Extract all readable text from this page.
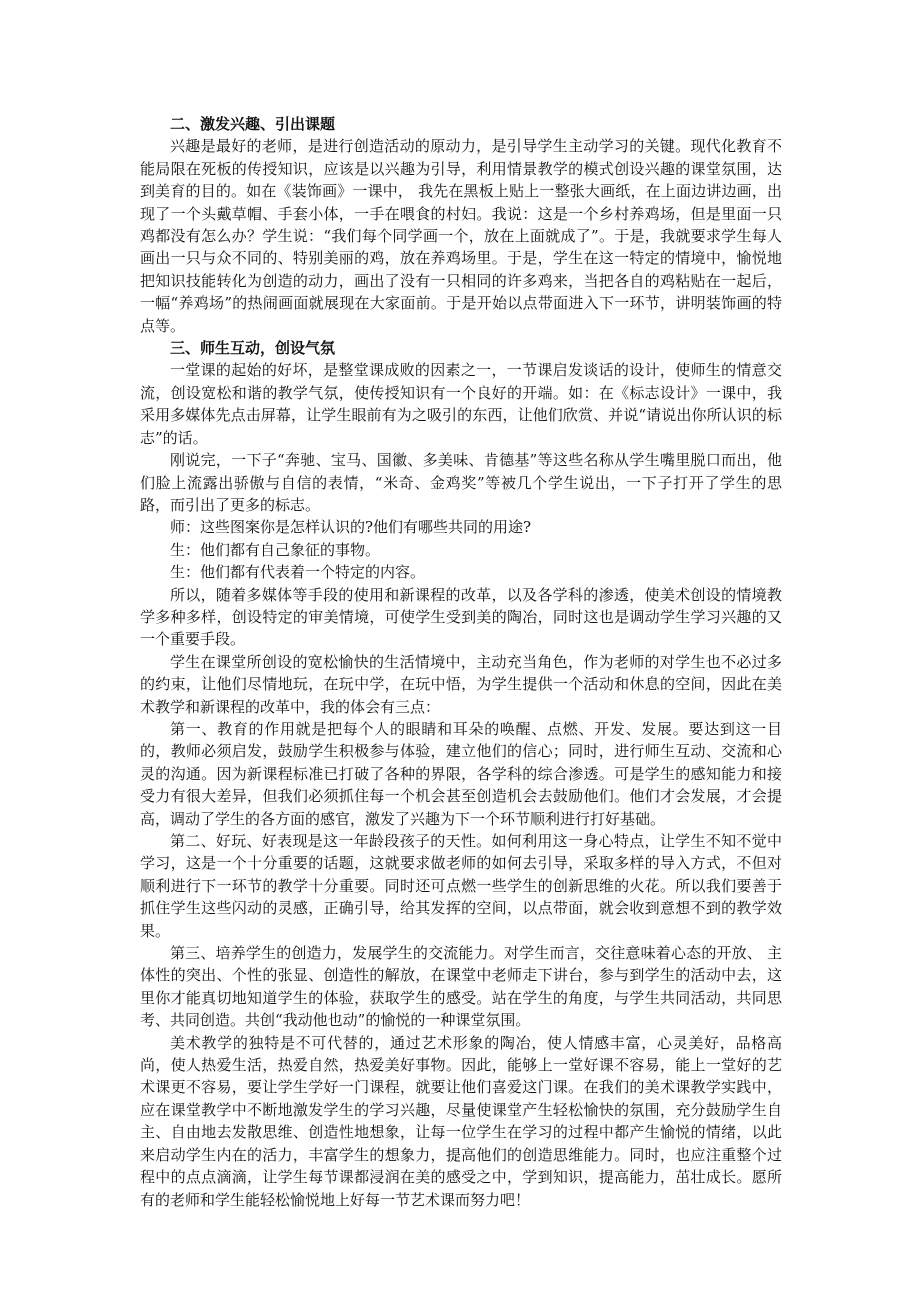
二、激发兴趣、引出课题

兴趣是最好的老师，是进行创造活动的原动力，是引导学生主动学习的关键。现代化教育不能局限在死板的传授知识，应该是以兴趣为引导，利用情景教学的模式创设兴趣的课堂氛围，达到美育的目的。如在《装饰画》一课中， 我先在黑板上贴上一整张大画纸，在上面边讲边画，出现了一个头戴草帽、手套小体，一手在喂食的村妇。我说：这是一个乡村养鸡场，但是里面一只鸡都没有怎么办？学生说：“我们每个同学画一个，放在上面就成了”。于是，我就要求学生每人画出一只与众不同的、特别美丽的鸡，放在养鸡场里。于是，学生在这一特定的情境中，愉悦地把知识技能转化为创造的动力，画出了没有一只相同的许多鸡来，当把各自的鸡粘贴在一起后，一幅“养鸡场”的热闹画面就展现在大家面前。于是开始以点带面进入下一环节，讲明装饰画的特点等。

三、师生互动，创设气氛

一堂课的起始的好坏，是整堂课成败的因素之一，一节课启发谈话的设计，使师生的情意交流，创设宽松和谐的教学气氛，使传授知识有一个良好的开端。如：在《标志设计》一课中，我采用多媒体先点击屏幕，让学生眼前有为之吸引的东西，让他们欣赏、并说“请说出你所认识的标志”的话。

刚说完，一下子“奔驰、宝马、国徽、多美味、肯德基”等这些名称从学生嘴里脱口而出，他们脸上流露出骄傲与自信的表情，“米奇、金鸡奖”等被几个学生说出，一下子打开了学生的思路，而引出了更多的标志。

师：这些图案你是怎样认识的?他们有哪些共同的用途?

生：他们都有自己象征的事物。

生：他们都有代表着一个特定的内容。

所以，随着多媒体等手段的使用和新课程的改革，以及各学科的渗透，使美术创设的情境教学多种多样，创设特定的审美情境，可使学生受到美的陶冶，同时这也是调动学生学习兴趣的又一个重要手段。

学生在课堂所创设的宽松愉快的生活情境中，主动充当角色，作为老师的对学生也不必过多的约束，让他们尽情地玩，在玩中学，在玩中悟，为学生提供一个活动和休息的空间，因此在美术教学和新课程的改革中，我的体会有三点：

第一、教育的作用就是把每个人的眼睛和耳朵的唤醒、点燃、开发、发展。要达到这一目的，教师必须启发，鼓励学生积极参与体验，建立他们的信心；同时，进行师生互动、交流和心灵的沟通。因为新课程标准已打破了各种的界限，各学科的综合渗透。可是学生的感知能力和接受力有很大差异，但我们必须抓住每一个机会甚至创造机会去鼓励他们。他们才会发展，才会提高，调动了学生的各方面的感官，激发了兴趣为下一个环节顺利进行打好基础。

第二、好玩、好表现是这一年龄段孩子的天性。如何利用这一身心特点，让学生不知不觉中学习，这是一个十分重要的话题，这就要求做老师的如何去引导，采取多样的导入方式，不但对顺利进行下一环节的教学十分重要。同时还可点燃一些学生的创新思维的火花。所以我们要善于抓住学生这些闪动的灵感，正确引导，给其发挥的空间，以点带面，就会收到意想不到的教学效果。

第三、培养学生的创造力，发展学生的交流能力。对学生而言，交往意味着心态的开放、 主体性的突出、个性的张显、创造性的解放，在课堂中老师走下讲台，参与到学生的活动中去，这里你才能真切地知道学生的体验，获取学生的感受。站在学生的角度，与学生共同活动，共同思考、共同创造。共创“我动他也动”的愉悦的一种课堂氛围。

美术教学的独特是不可代替的，通过艺术形象的陶冶，使人情感丰富，心灵美好，品格高尚，使人热爱生活，热爱自然，热爱美好事物。因此，能够上一堂好课不容易，能上一堂好的艺术课更不容易，要让学生学好一门课程，就要让他们喜爱这门课。在我们的美术课教学实践中，应在课堂教学中不断地激发学生的学习兴趣，尽量使课堂产生轻松愉快的氛围，充分鼓励学生自主、自由地去发散思维、创造性地想象，让每一位学生在学习的过程中都产生愉悦的情绪，以此来启动学生内在的活力，丰富学生的想象力，提高他们的创造思维能力。同时，也应注重整个过程中的点点滴滴，让学生每节课都浸润在美的感受之中，学到知识，提高能力，茁壮成长。愿所有的老师和学生能轻松愉悦地上好每一节艺术课而努力吧！
